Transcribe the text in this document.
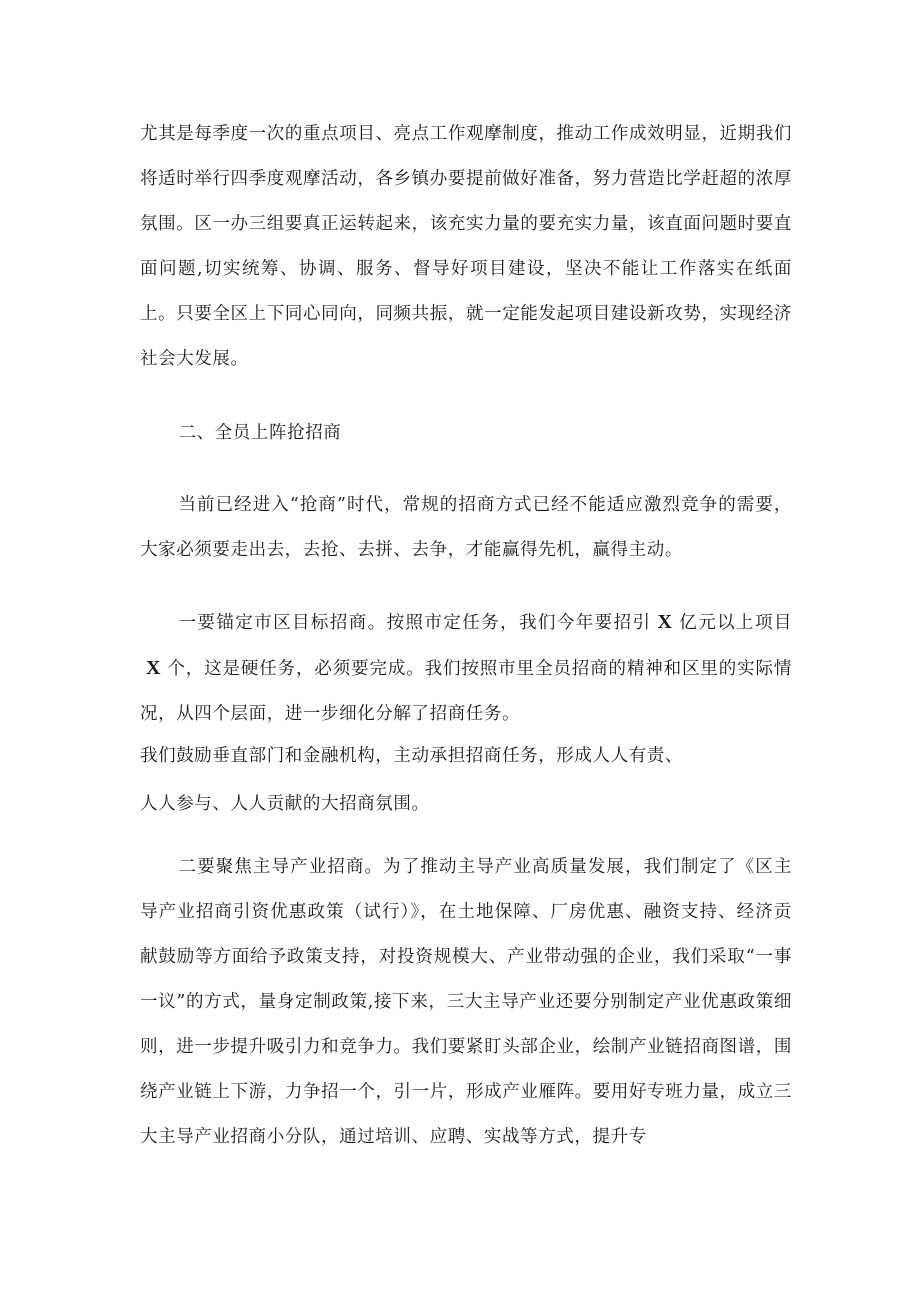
尤其是每季度一次的重点项目、亮点工作观摩制度，推动工作成效明显，近期我们将适时举行四季度观摩活动，各乡镇办要提前做好准备，努力营造比学赶超的浓厚氛围。区一办三组要真正运转起来，该充实力量的要充实力量，该直面问题时要直面问题,切实统筹、协调、服务、督导好项目建设，坚决不能让工作落实在纸面上。只要全区上下同心同向，同频共振，就一定能发起项目建设新攻势，实现经济社会大发展。

二、全员上阵抢招商

当前已经进入“抢商”时代，常规的招商方式已经不能适应激烈竞争的需要，大家必须要走出去，去抢、去拼、去争，才能赢得先机，赢得主动。

一要锚定市区目标招商。按照市定任务，我们今年要招引 X 亿元以上项目X 个，这是硬任务，必须要完成。我们按照市里全员招商的精神和区里的实际情况，从四个层面，进一步细化分解了招商任务。

我们鼓励垂直部门和金融机构，主动承担招商任务，形成人人有责、

人人参与、人人贡献的大招商氛围。

二要聚焦主导产业招商。为了推动主导产业高质量发展，我们制定了《区主导产业招商引资优惠政策（试行）》，在土地保障、厂房优惠、融资支持、经济贡献鼓励等方面给予政策支持，对投资规模大、产业带动强的企业，我们采取“一事一议”的方式，量身定制政策,接下来，三大主导产业还要分别制定产业优惠政策细则，进一步提升吸引力和竞争力。我们要紧盯头部企业，绘制产业链招商图谱，围绕产业链上下游，力争招一个，引一片，形成产业雁阵。要用好专班力量，成立三大主导产业招商小分队，通过培训、应聘、实战等方式，提升专
